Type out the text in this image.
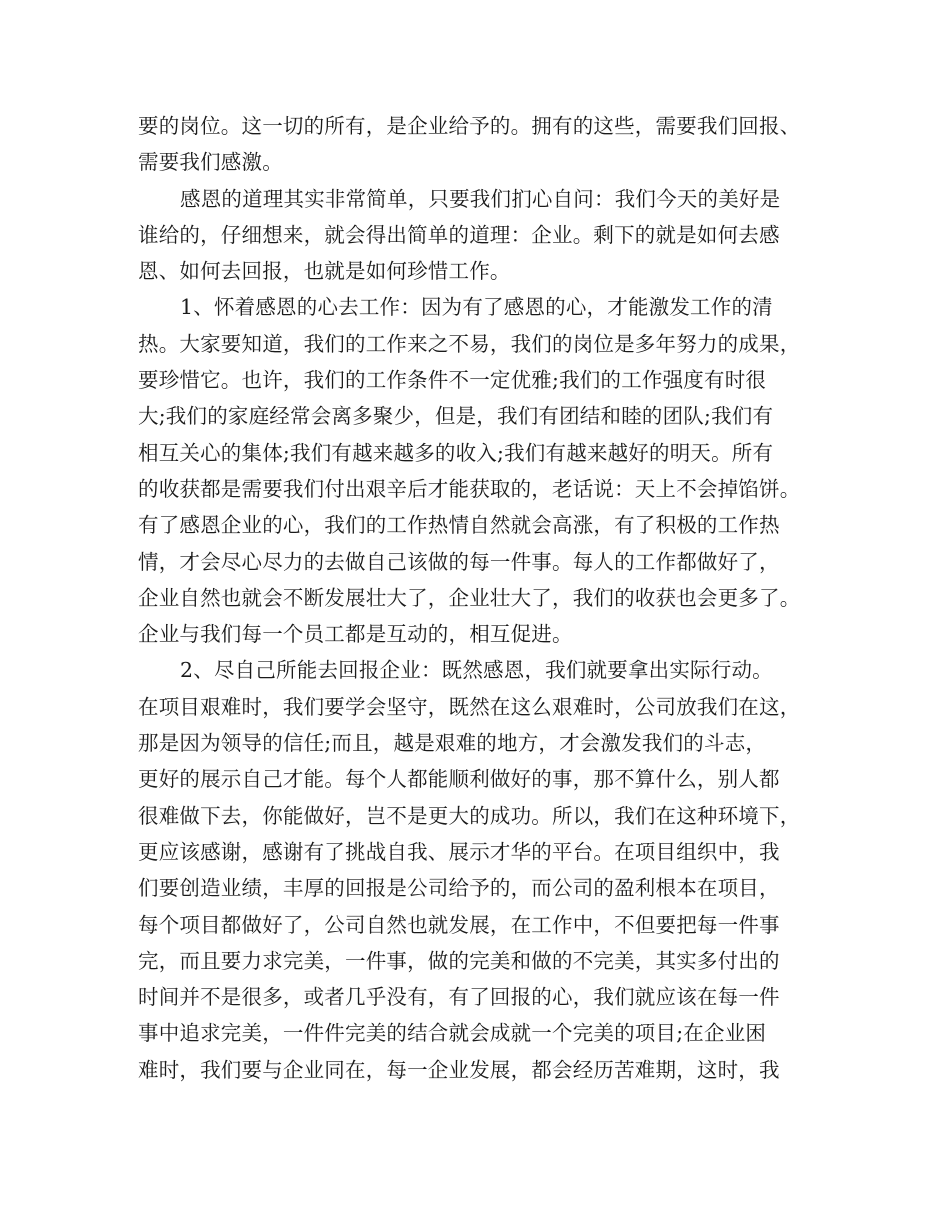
要的岗位。这一切的所有，是企业给予的。拥有的这些，需要我们回报、
需要我们感激。
感恩的道理其实非常简单，只要我们扪心自问：我们今天的美好是
谁给的，仔细想来，就会得出简单的道理：企业。剩下的就是如何去感
恩、如何去回报，也就是如何珍惜工作。
1、怀着感恩的心去工作：因为有了感恩的心，才能激发工作的清
热。大家要知道，我们的工作来之不易，我们的岗位是多年努力的成果，
要珍惜它。也许，我们的工作条件不一定优雅;我们的工作强度有时很
大;我们的家庭经常会离多聚少，但是，我们有团结和睦的团队;我们有
相互关心的集体;我们有越来越多的收入;我们有越来越好的明天。所有
的收获都是需要我们付出艰辛后才能获取的，老话说：天上不会掉馅饼。
有了感恩企业的心，我们的工作热情自然就会高涨，有了积极的工作热
情，才会尽心尽力的去做自己该做的每一件事。每人的工作都做好了，
企业自然也就会不断发展壮大了，企业壮大了，我们的收获也会更多了。
企业与我们每一个员工都是互动的，相互促进。
2、尽自己所能去回报企业：既然感恩，我们就要拿出实际行动。
在项目艰难时，我们要学会坚守，既然在这么艰难时，公司放我们在这，
那是因为领导的信任;而且，越是艰难的地方，才会激发我们的斗志，
更好的展示自己才能。每个人都能顺利做好的事，那不算什么，别人都
很难做下去，你能做好，岂不是更大的成功。所以，我们在这种环境下，
更应该感谢，感谢有了挑战自我、展示才华的平台。在项目组织中，我
们要创造业绩，丰厚的回报是公司给予的，而公司的盈利根本在项目，
每个项目都做好了，公司自然也就发展，在工作中，不但要把每一件事
完，而且要力求完美，一件事，做的完美和做的不完美，其实多付出的
时间并不是很多，或者几乎没有，有了回报的心，我们就应该在每一件
事中追求完美，一件件完美的结合就会成就一个完美的项目;在企业困
难时，我们要与企业同在，每一企业发展，都会经历苦难期，这时，我
